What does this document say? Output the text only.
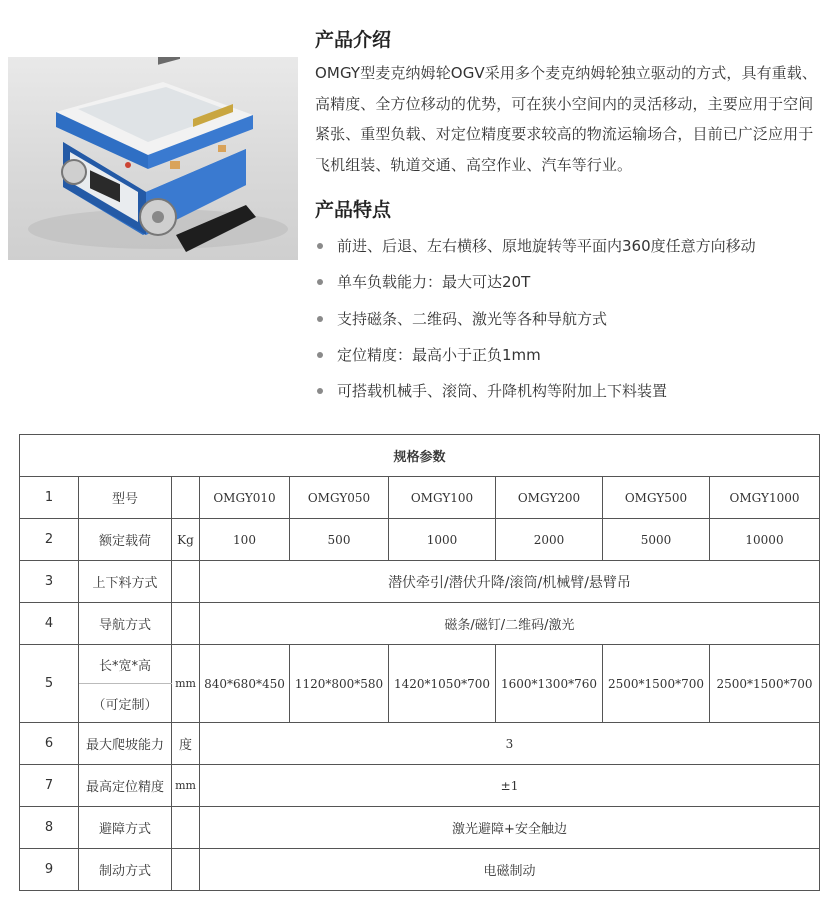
产品介绍

OMGY型麦克纳姆轮OGV采用多个麦克纳姆轮独立驱动的方式，具有重载、高精度、全方位移动的优势，可在狭小空间内的灵活移动，主要应用于空间紧张、重型负载、对定位精度要求较高的物流运输场合，目前已广泛应用于飞机组装、轨道交通、高空作业、汽车等行业。

产品特点
前进、后退、左右横移、原地旋转等平面内360度任意方向移动
单车负载能力：最大可达20T
支持磁条、二维码、激光等各种导航方式
定位精度：最高小于正负1mm
可搭载机械手、滚筒、升降机构等附加上下料装置
规格参数								
1	型号		OMGY010	OMGY050	OMGY100	OMGY200	OMGY500	OMGY1000
2	额定载荷	Kg	100	500	1000	2000	5000	10000
3	上下料方式		潜伏牵引/潜伏升降/滚筒/机械臂/悬臂吊					
4	导航方式		磁条/磁钉/二维码/激光					
5	长*宽*高	mm	840*680*450	1120*800*580	1420*1050*700	1600*1300*760	2500*1500*700	2500*1500*700
	（可定制）							
6	最大爬坡能力	度	3					
7	最高定位精度	mm	±1					
8	避障方式		激光避障+安全触边					
9	制动方式		电磁制动					
